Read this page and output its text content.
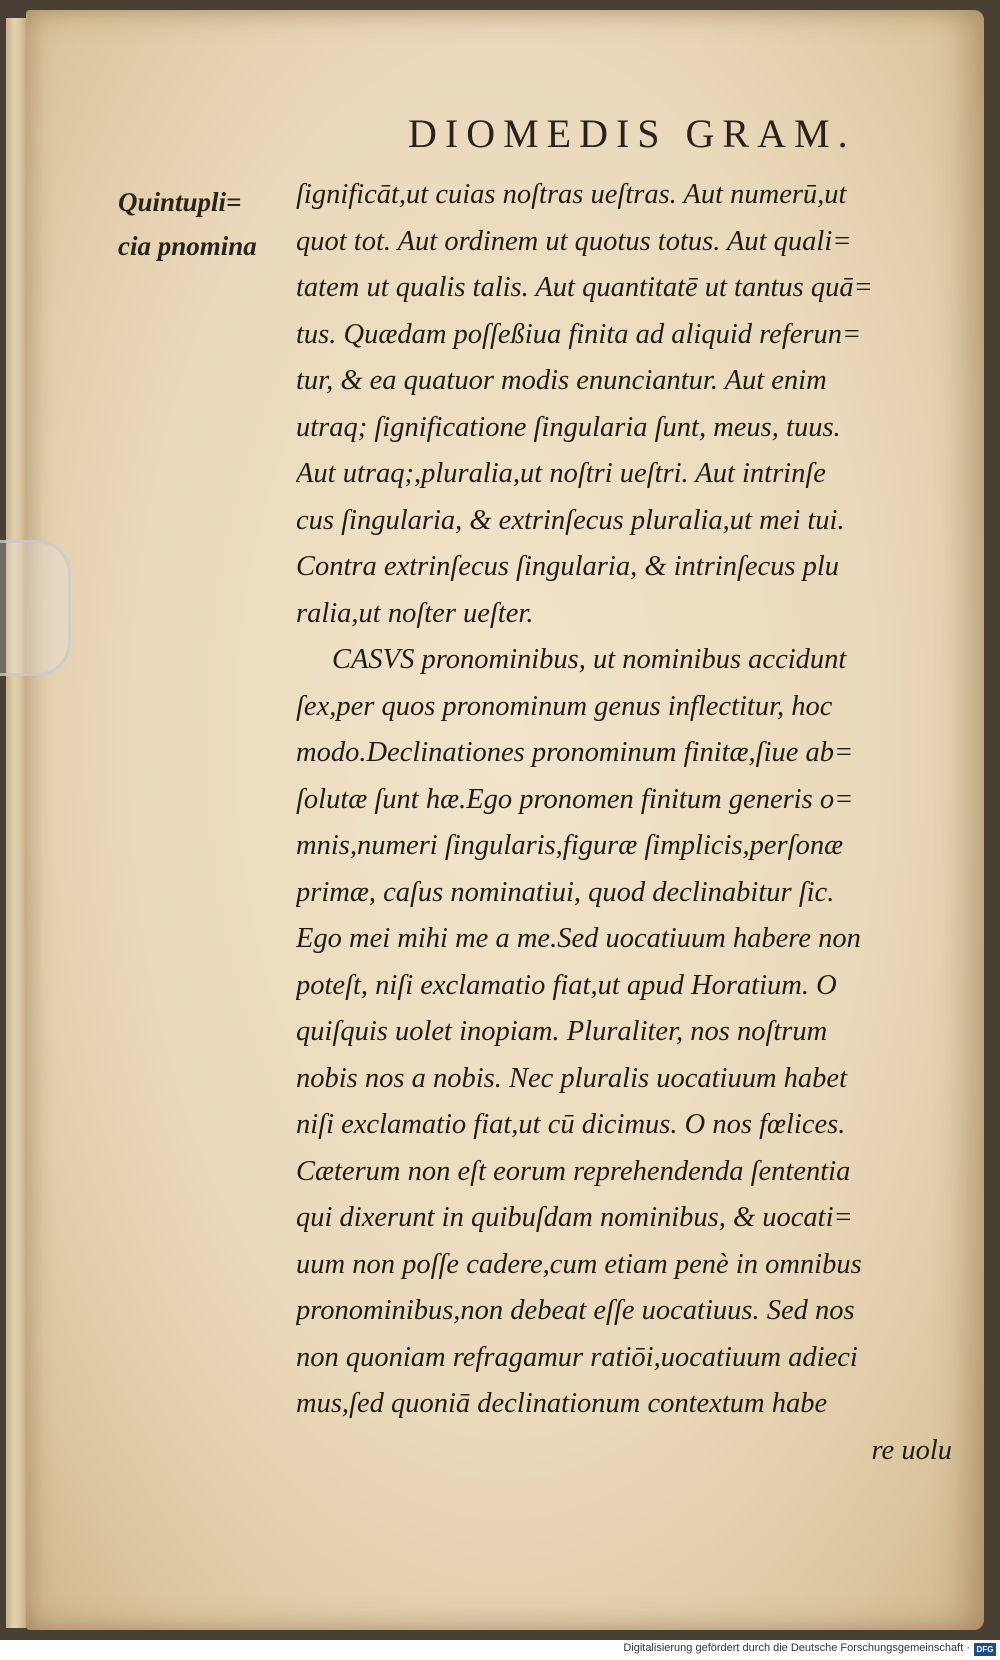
DIOMEDIS GRAM.
Quintupli=
cia pnomina
ſignificāt,ut cuias noſtras ueſtras. Aut numerū,ut
quot tot. Aut ordinem ut quotus totus. Aut quali=
tatem ut qualis talis. Aut quantitatē ut tantus quā=
tus. Quædam poſſeßiua finita ad aliquid referun=
tur, & ea quatuor modis enunciantur. Aut enim
utraq; ſignificatione ſingularia ſunt, meus, tuus.
Aut utraq;,pluralia,ut noſtri ueſtri. Aut intrinſe
cus ſingularia, & extrinſecus pluralia,ut mei tui.
Contra extrinſecus ſingularia, & intrinſecus plu
ralia,ut noſter ueſter.
CASVS pronominibus, ut nominibus accidunt
ſex,per quos pronominum genus inflectitur, hoc
modo.Declinationes pronominum finitæ,ſiue ab=
ſolutæ ſunt hæ.Ego pronomen finitum generis o=
mnis,numeri ſingularis,figuræ ſimplicis,perſonæ
primæ, caſus nominatiui, quod declinabitur ſic.
Ego mei mihi me a me.Sed uocatiuum habere non
poteſt, niſi exclamatio fiat,ut apud Horatium. O
quiſquis uolet inopiam. Pluraliter, nos noſtrum
nobis nos a nobis. Nec pluralis uocatiuum habet
niſi exclamatio fiat,ut cū dicimus. O nos fœlices.
Cæterum non eſt eorum reprehendenda ſententia
qui dixerunt in quibuſdam nominibus, & uocati=
uum non poſſe cadere,cum etiam penè in omnibus
pronominibus,non debeat eſſe uocatiuus. Sed nos
non quoniam refragamur ratiōi,uocatiuum adieci
mus,ſed quoniā declinationum contextum habe
re uolu
Digitalisierung gefördert durch die Deutsche Forschungsgemeinschaft · DFG
